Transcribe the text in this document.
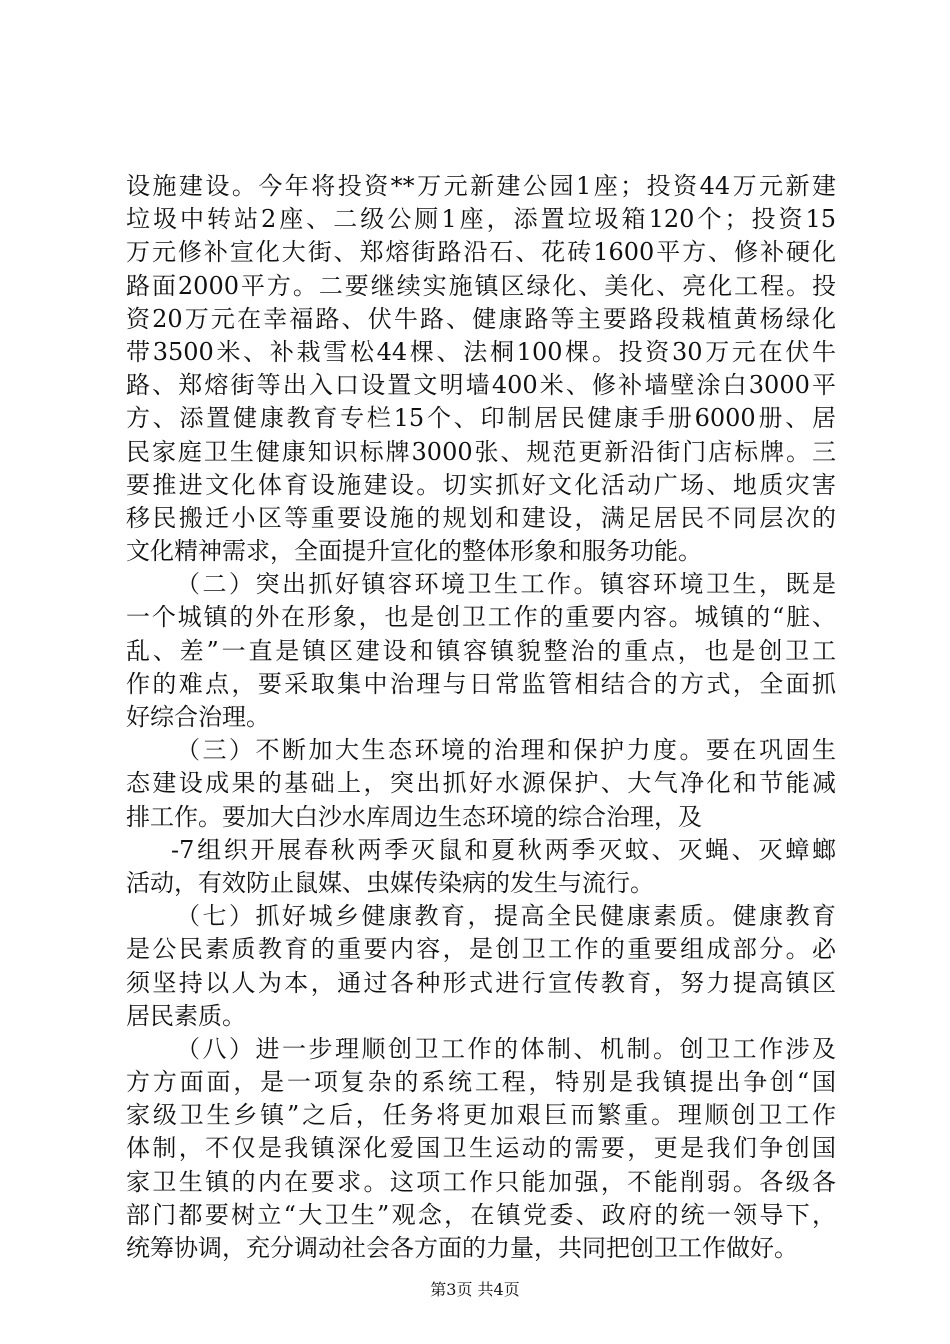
设施建设。今年将投资**万元新建公园1座；投资44万元新建
垃圾中转站2座、二级公厕1座，添置垃圾箱120个；投资15
万元修补宣化大街、郑熔街路沿石、花砖1600平方、修补硬化
路面2000平方。二要继续实施镇区绿化、美化、亮化工程。投
资20万元在幸福路、伏牛路、健康路等主要路段栽植黄杨绿化
带3500米、补栽雪松44棵、法桐100棵。投资30万元在伏牛
路、郑熔街等出入口设置文明墙400米、修补墙壁涂白3000平
方、添置健康教育专栏15个、印制居民健康手册6000册、居
民家庭卫生健康知识标牌3000张、规范更新沿街门店标牌。三
要推进文化体育设施建设。切实抓好文化活动广场、地质灾害
移民搬迁小区等重要设施的规划和建设，满足居民不同层次的
文化精神需求，全面提升宣化的整体形象和服务功能。
（二）突出抓好镇容环境卫生工作。镇容环境卫生，既是
一个城镇的外在形象，也是创卫工作的重要内容。城镇的“脏、
乱、差”一直是镇区建设和镇容镇貌整治的重点，也是创卫工
作的难点，要采取集中治理与日常监管相结合的方式，全面抓
好综合治理。
（三）不断加大生态环境的治理和保护力度。要在巩固生
态建设成果的基础上，突出抓好水源保护、大气净化和节能减
排工作。要加大白沙水库周边生态环境的综合治理，及
-7组织开展春秋两季灭鼠和夏秋两季灭蚊、灭蝇、灭蟑螂
活动，有效防止鼠媒、虫媒传染病的发生与流行。
（七）抓好城乡健康教育，提高全民健康素质。健康教育
是公民素质教育的重要内容，是创卫工作的重要组成部分。必
须坚持以人为本，通过各种形式进行宣传教育，努力提高镇区
居民素质。
（八）进一步理顺创卫工作的体制、机制。创卫工作涉及
方方面面，是一项复杂的系统工程，特别是我镇提出争创“国
家级卫生乡镇”之后，任务将更加艰巨而繁重。理顺创卫工作
体制，不仅是我镇深化爱国卫生运动的需要，更是我们争创国
家卫生镇的内在要求。这项工作只能加强，不能削弱。各级各
部门都要树立“大卫生”观念，在镇党委、政府的统一领导下，
统筹协调，充分调动社会各方面的力量，共同把创卫工作做好。
第3页 共4页
